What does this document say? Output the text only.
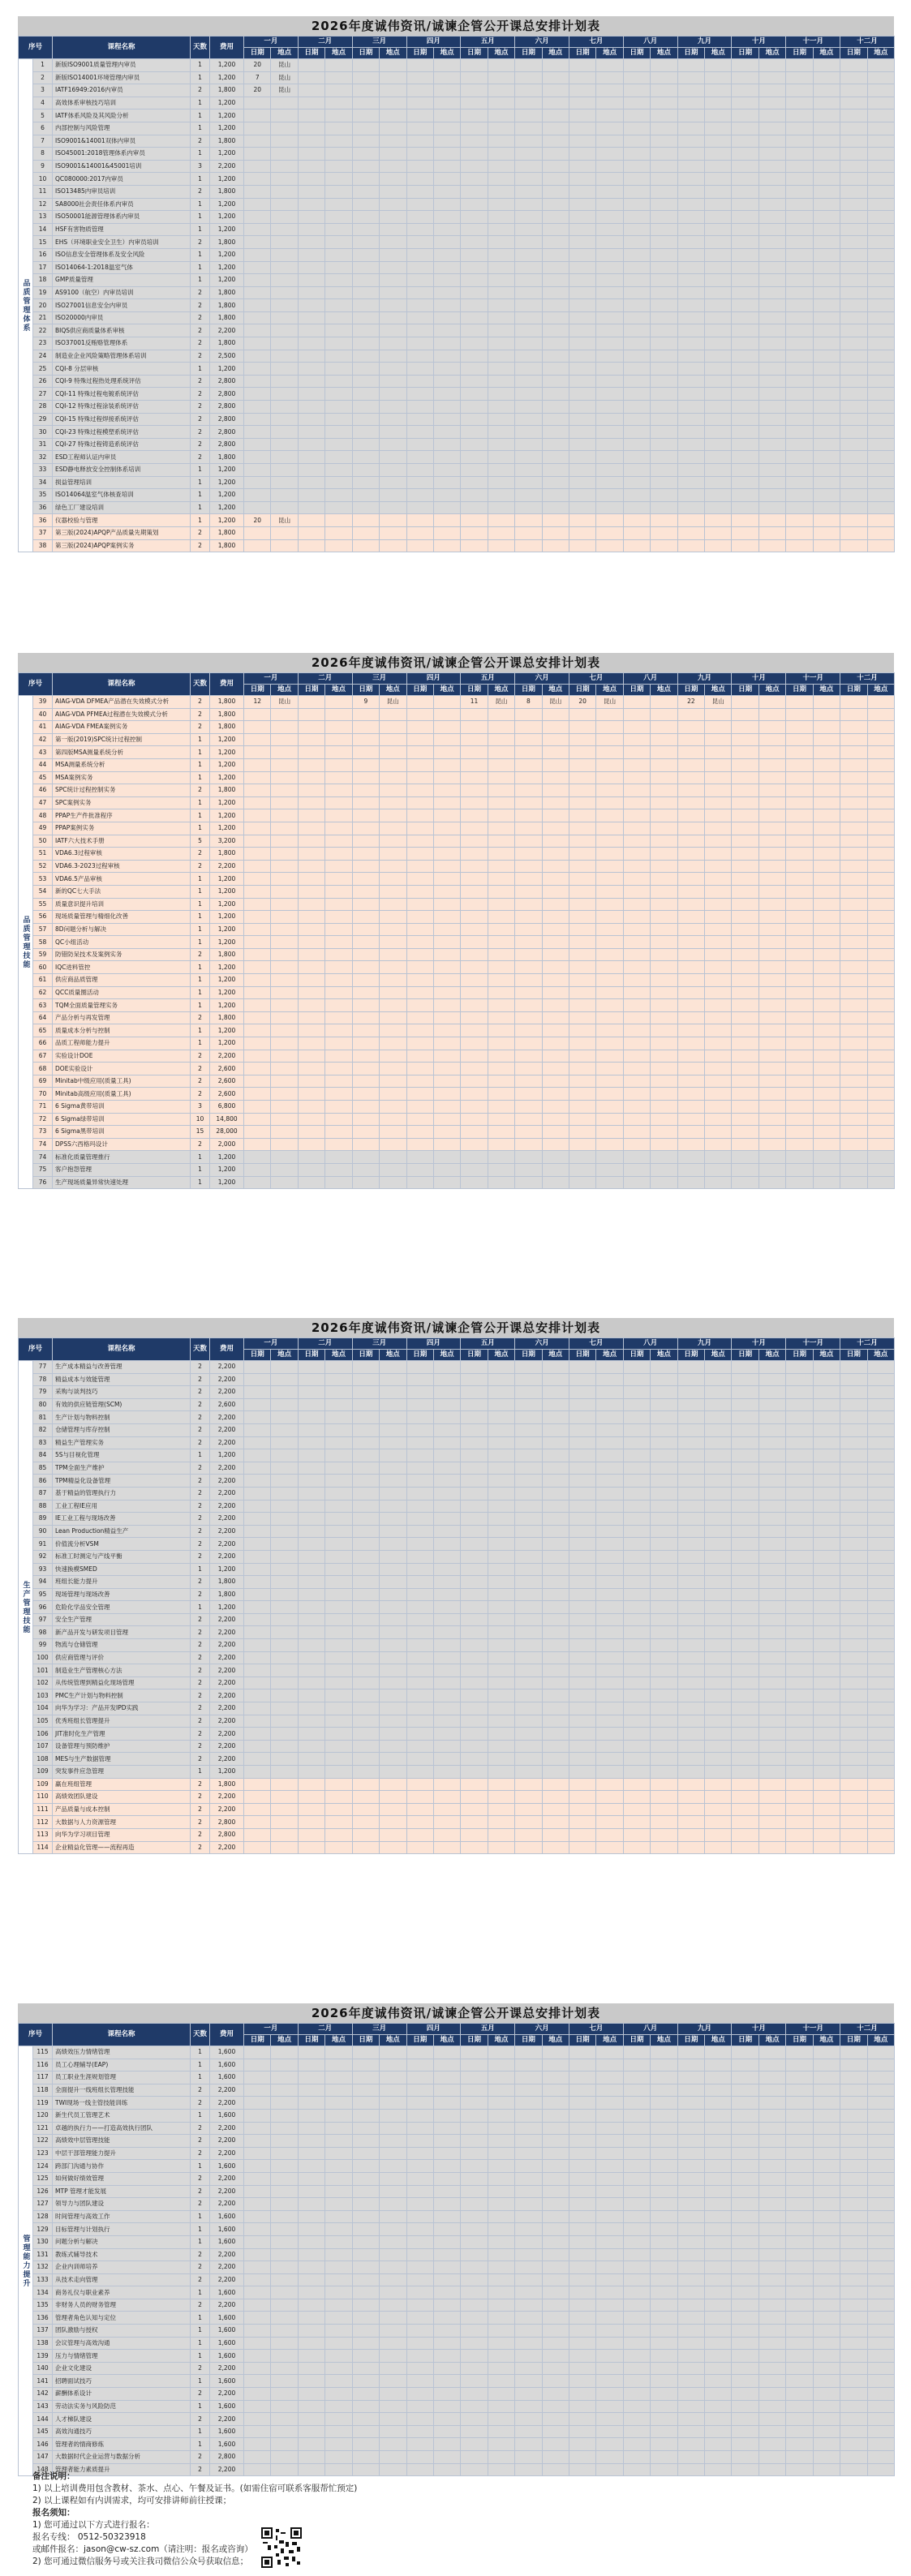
2026年度诚伟资讯/诚谏企管公开课总安排计划表
序号		课程名称	天数	费用	一月		二月		三月		四月		五月		六月		七月		八月		九月		十月		十一月		十二月	
					日期	地点	日期	地点	日期	地点	日期	地点	日期	地点	日期	地点	日期	地点	日期	地点	日期	地点	日期	地点	日期	地点	日期	地点
品质管理体系	1	新版ISO9001质量管理内审员	1	1,200	20	昆山																						
	2	新版ISO14001环境管理内审员	1	1,200	7	昆山																						
	3	IATF16949:2016内审员	2	1,800	20	昆山																						
	4	高效体系审核技巧培训	1	1,200																								
	5	IATF体系风险及其风险分析	1	1,200																								
	6	内部控制与风险管理	1	1,200																								
	7	ISO9001&14001双体内审员	2	1,800																								
	8	ISO45001:2018管理体系内审员	1	1,200																								
	9	ISO9001&14001&45001培训	3	2,200																								
	10	QC080000:2017内审员	1	1,200																								
	11	ISO13485内审员培训	2	1,800																								
	12	SA8000社会责任体系内审员	1	1,200																								
	13	ISO50001能源管理体系内审员	1	1,200																								
	14	HSF有害物质管理	1	1,200																								
	15	EHS（环境职业安全卫生）内审员培训	2	1,800																								
	16	ISO信息安全管理体系及安全风险	1	1,200																								
	17	ISO14064-1:2018温室气体	1	1,200																								
	18	GMP质量管理	1	1,200																								
	19	AS9100（航空）内审员培训	2	1,800																								
	20	ISO27001信息安全内审员	2	1,800																								
	21	ISO20000内审员	2	1,800																								
	22	BIQS供应商质量体系审核	2	2,200																								
	23	ISO37001反贿赂管理体系	2	1,800																								
	24	制造业企业风险策略管理体系培训	2	2,500																								
	25	CQI-8 分层审核	1	1,200																								
	26	CQI-9 特殊过程热处理系统评估	2	2,800																								
	27	CQI-11 特殊过程电镀系统评估	2	2,800																								
	28	CQI-12 特殊过程涂装系统评估	2	2,800																								
	29	CQI-15 特殊过程焊接系统评估	2	2,800																								
	30	CQI-23 特殊过程模塑系统评估	2	2,800																								
	31	CQI-27 特殊过程铸造系统评估	2	2,800																								
	32	ESD工程师认证内审员	2	1,800																								
	33	ESD静电释放安全控制体系培训	1	1,200																								
	34	损益管理培训	1	1,200																								
	35	ISO14064温室气体核查培训	1	1,200																								
	36	绿色工厂建设培训	1	1,200																								
	36	仪器校验与管理	1	1,200	20	昆山																						
	37	第三版(2024)APQP产品质量先期策划	2	1,800																								
	38	第三版(2024)APQP案例实务	2	1,800																								
2026年度诚伟资讯/诚谏企管公开课总安排计划表
序号		课程名称	天数	费用	一月		二月		三月		四月		五月		六月		七月		八月		九月		十月		十一月		十二月	
					日期	地点	日期	地点	日期	地点	日期	地点	日期	地点	日期	地点	日期	地点	日期	地点	日期	地点	日期	地点	日期	地点	日期	地点
品质管理技能	39	AIAG-VDA DFMEA产品潜在失效模式分析	2	1,800	12	昆山			9	昆山			11	昆山	8	昆山	20	昆山			22	昆山						
	40	AIAG-VDA PFMEA过程潜在失效模式分析	2	1,800																								
	41	AIAG-VDA FMEA案例实务	2	1,800																								
	42	第一版(2019)SPC统计过程控制	1	1,200																								
	43	第四版MSA测量系统分析	1	1,200																								
	44	MSA测量系统分析	1	1,200																								
	45	MSA案例实务	1	1,200																								
	46	SPC统计过程控制实务	2	1,800																								
	47	SPC案例实务	1	1,200																								
	48	PPAP生产件批准程序	1	1,200																								
	49	PPAP案例实务	1	1,200																								
	50	IATF六大技术手册	5	3,200																								
	51	VDA6.3过程审核	2	1,800																								
	52	VDA6.3-2023过程审核	2	2,200																								
	53	VDA6.5产品审核	1	1,200																								
	54	新的QC七大手法	1	1,200																								
	55	质量意识提升培训	1	1,200																								
	56	现场质量管理与精细化改善	1	1,200																								
	57	8D问题分析与解决	1	1,200																								
	58	QC小组活动	1	1,200																								
	59	防错防呆技术及案例实务	2	1,800																								
	60	IQC进料管控	1	1,200																								
	61	供应商品质管理	1	1,200																								
	62	QCC质量圈活动	1	1,200																								
	63	TQM全面质量管理实务	1	1,200																								
	64	产品分析与再发管理	2	1,800																								
	65	质量成本分析与控制	1	1,200																								
	66	品质工程师能力提升	1	1,200																								
	67	实验设计DOE	2	2,200																								
	68	DOE实验设计	2	2,600																								
	69	Minitab中级应用(质量工具)	2	2,600																								
	70	Minitab高级应用(质量工具)	2	2,600																								
	71	6 Sigma黄带培训	3	6,800																								
	72	6 Sigma绿带培训	10	14,800																								
	73	6 Sigma黑带培训	15	28,000																								
	74	DPSS六西格玛设计	2	2,000																								
	74	标准化质量管理推行	1	1,200																								
	75	客户抱怨管理	1	1,200																								
	76	生产现场质量异常快速处理	1	1,200																								
2026年度诚伟资讯/诚谏企管公开课总安排计划表
序号		课程名称	天数	费用	一月		二月		三月		四月		五月		六月		七月		八月		九月		十月		十一月		十二月	
					日期	地点	日期	地点	日期	地点	日期	地点	日期	地点	日期	地点	日期	地点	日期	地点	日期	地点	日期	地点	日期	地点	日期	地点
生产管理技能	77	生产成本精益与改善管理	2	2,200																								
	78	精益成本与效能管理	2	2,200																								
	79	采购与谈判技巧	2	2,200																								
	80	有效的供应链管理(SCM)	2	2,600																								
	81	生产计划与物料控制	2	2,200																								
	82	仓储管理与库存控制	2	2,200																								
	83	精益生产管理实务	2	2,200																								
	84	5S与目视化管理	1	1,200																								
	85	TPM全面生产维护	2	2,200																								
	86	TPM精益化设备管理	2	2,200																								
	87	基于精益的管理执行力	2	2,200																								
	88	工业工程IE应用	2	2,200																								
	89	IE工业工程与现场改善	2	2,200																								
	90	Lean Production精益生产	2	2,200																								
	91	价值流分析VSM	2	2,200																								
	92	标准工时测定与产线平衡	2	2,200																								
	93	快速换模SMED	1	1,200																								
	94	班组长能力提升	2	1,800																								
	95	现场管理与现场改善	2	1,800																								
	96	危险化学品安全管理	1	1,200																								
	97	安全生产管理	2	2,200																								
	98	新产品开发与研发项目管理	2	2,200																								
	99	物流与仓储管理	2	2,200																								
	100	供应商管理与评价	2	2,200																								
	101	制造业生产管理核心方法	2	2,200																								
	102	从传统管理到精益化现场管理	2	2,200																								
	103	PMC生产计划与物料控制	2	2,200																								
	104	向华为学习：产品开发IPD实践	2	2,200																								
	105	优秀班组长管理提升	2	2,200																								
	106	JIT准时化生产管理	2	2,200																								
	107	设备管理与预防维护	2	2,200																								
	108	MES与生产数据管理	2	2,200																								
	109	突发事件应急管理	1	1,200																								
	109	赢在班组管理	2	1,800																								
	110	高绩效团队建设	2	2,200																								
	111	产品质量与成本控制	2	2,200																								
	112	大数据与人力资源管理	2	2,800																								
	113	向华为学习项目管理	2	2,800																								
	114	企业精益化管理——流程再造	2	2,200																								
2026年度诚伟资讯/诚谏企管公开课总安排计划表
序号		课程名称	天数	费用	一月		二月		三月		四月		五月		六月		七月		八月		九月		十月		十一月		十二月	
					日期	地点	日期	地点	日期	地点	日期	地点	日期	地点	日期	地点	日期	地点	日期	地点	日期	地点	日期	地点	日期	地点	日期	地点
管理能力提升	115	高绩效压力情绪管理	1	1,600																								
	116	员工心理辅导(EAP)	1	1,600																								
	117	员工职业生涯规划管理	1	1,600																								
	118	全面提升一线班组长管理技能	2	2,200																								
	119	TWI现场一线主管技能训练	2	2,200																								
	120	新生代员工管理艺术	1	1,600																								
	121	卓越的执行力——打造高效执行团队	2	2,200																								
	122	高绩效中层管理技能	2	2,200																								
	123	中层干部管理能力提升	2	2,200																								
	124	跨部门沟通与协作	1	1,600																								
	125	如何做好绩效管理	2	2,200																								
	126	MTP 管理才能发展	2	2,200																								
	127	领导力与团队建设	2	2,200																								
	128	时间管理与高效工作	1	1,600																								
	129	目标管理与计划执行	1	1,600																								
	130	问题分析与解决	1	1,600																								
	131	教练式辅导技术	2	2,200																								
	132	企业内训师培养	2	2,200																								
	133	从技术走向管理	2	2,200																								
	134	商务礼仪与职业素养	1	1,600																								
	135	非财务人员的财务管理	2	2,200																								
	136	管理者角色认知与定位	1	1,600																								
	137	团队激励与授权	1	1,600																								
	138	会议管理与高效沟通	1	1,600																								
	139	压力与情绪管理	1	1,600																								
	140	企业文化建设	2	2,200																								
	141	招聘面试技巧	1	1,600																								
	142	薪酬体系设计	2	2,200																								
	143	劳动法实务与风险防范	1	1,600																								
	144	人才梯队建设	2	2,200																								
	145	高效沟通技巧	1	1,600																								
	146	管理者的情商修炼	1	1,600																								
	147	大数据时代企业运营与数据分析	2	2,800																								
	148	管理者能力素质提升	2	2,200																								
备注说明：
1) 以上培训费用包含教材、茶水、点心、午餐及证书。(如需住宿可联系客服帮忙预定)
2) 以上课程如有内训需求，均可安排讲师前往授课；
报名须知：
1) 您可通过以下方式进行报名：
报名专线： 0512-50323918
或邮件报名：jason@cw-sz.com（请注明：报名或咨询）
2) 您可通过微信服务号或关注我司微信公众号获取信息；
